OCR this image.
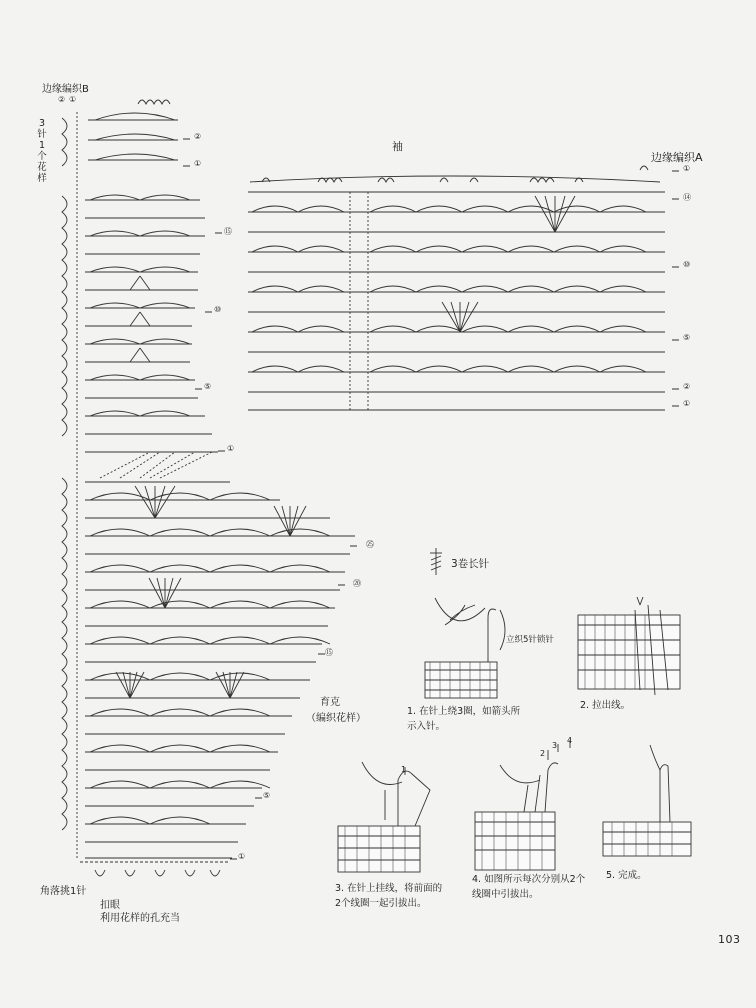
边缘编织B
② ①
3
针
1
个
花
样
袖
边缘编织A
育克
（编织花样）
角落挑1针
扣眼
利用花样的孔充当
②
①
⑮
⑩
⑤
①
①
⑭
⑩
⑤
②
①
㉕
⑳
⑮
⑤
①
3卷长针
立织5针锁针
1
2
3
4
1. 在针上绕3圈，如箭头所
示入针。
2. 拉出线。
3. 在针上挂线，将前面的
2个线圈一起引拔出。
4. 如图所示每次分别从2个
线圈中引拔出。
5. 完成。
103
